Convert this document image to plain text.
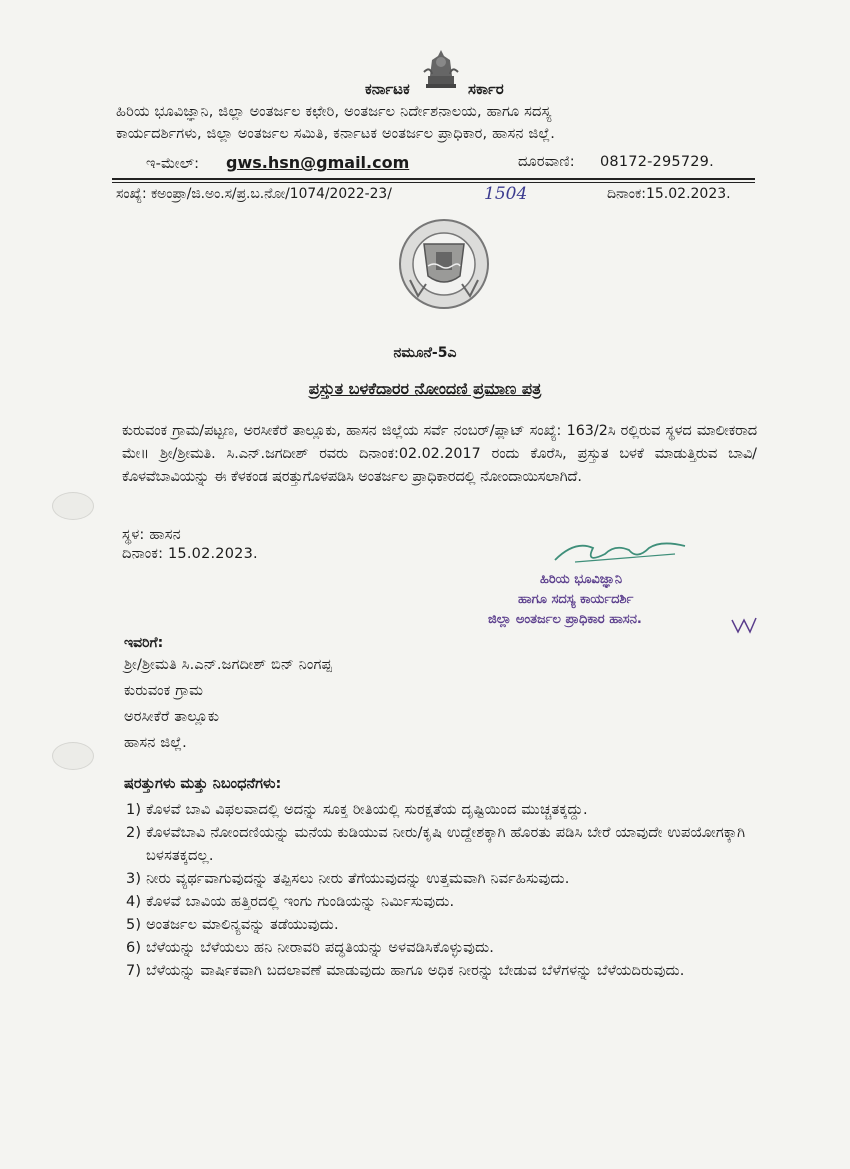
ಕರ್ನಾಟಕ	ಸರ್ಕಾರ
ಹಿರಿಯ ಭೂವಿಜ್ಞಾನಿ, ಜಿಲ್ಲಾ ಅಂತರ್ಜಲ ಕಛೇರಿ, ಅಂತರ್ಜಲ ನಿರ್ದೇಶನಾಲಯ, ಹಾಗೂ ಸದಸ್ಯ
ಕಾರ್ಯದರ್ಶಿಗಳು, ಜಿಲ್ಲಾ ಅಂತರ್ಜಲ ಸಮಿತಿ, ಕರ್ನಾಟಕ ಅಂತರ್ಜಲ ಪ್ರಾಧಿಕಾರ, ಹಾಸನ ಜಿಲ್ಲೆ.
ಇ-ಮೇಲ್: gws.hsn@gmail.com	ದೂರವಾಣಿ: 08172-295729.
ಸಂಖ್ಯೆ: ಕಅಂಪ್ರಾ/ಜಿ.ಅಂ.ಸ/ಪ್ರ.ಬ.ನೋ/1074/2022-23/	1504	ದಿನಾಂಕ:15.02.2023.
ನಮೂನೆ-5ಎ
ಪ್ರಸ್ತುತ ಬಳಕೆದಾರರ ನೋಂದಣಿ ಪ್ರಮಾಣ ಪತ್ರ
ಕುರುವಂಕ ಗ್ರಾಮ/ಪಟ್ಟಣ, ಅರಸೀಕೆರೆ ತಾಲ್ಲೂಕು, ಹಾಸನ ಜಿಲ್ಲೆಯ ಸರ್ವೆ ನಂಬರ್/ಪ್ಲಾಟ್ ಸಂಖ್ಯೆ: 163/2ಸಿ ರಲ್ಲಿರುವ ಸ್ಥಳದ ಮಾಲೀಕರಾದ ಮೇ॥ ಶ್ರೀ/ಶ್ರೀಮತಿ. ಸಿ.ಎನ್.ಜಗದೀಶ್ ರವರು ದಿನಾಂಕ:02.02.2017 ರಂದು ಕೊರೆಸಿ, ಪ್ರಸ್ತುತ ಬಳಕೆ ಮಾಡುತ್ತಿರುವ ಬಾವಿ/ಕೊಳವೆಬಾವಿಯನ್ನು ಈ ಕೆಳಕಂಡ ಷರತ್ತುಗೊಳಪಡಿಸಿ ಅಂತರ್ಜಲ ಪ್ರಾಧಿಕಾರದಲ್ಲಿ ನೋಂದಾಯಿಸಲಾಗಿದೆ.
ಸ್ಥಳ: ಹಾಸನ
ದಿನಾಂಕ: 15.02.2023.
ಹಿರಿಯ ಭೂವಿಜ್ಞಾನಿ
ಹಾಗೂ ಸದಸ್ಯ ಕಾರ್ಯದರ್ಶಿ
ಜಿಲ್ಲಾ ಅಂತರ್ಜಲ ಪ್ರಾಧಿಕಾರ ಹಾಸನ.
ಇವರಿಗೆ:
ಶ್ರೀ/ಶ್ರೀಮತಿ ಸಿ.ಎನ್.ಜಗದೀಶ್ ಬಿನ್ ನಿಂಗಪ್ಪ
ಕುರುವಂಕ ಗ್ರಾಮ
ಅರಸೀಕೆರೆ ತಾಲ್ಲೂಕು
ಹಾಸನ ಜಿಲ್ಲೆ.
ಷರತ್ತುಗಳು ಮತ್ತು ನಿಬಂಧನೆಗಳು:
1) ಕೊಳವೆ ಬಾವಿ ವಿಫಲವಾದಲ್ಲಿ ಅದನ್ನು ಸೂಕ್ತ ರೀತಿಯಲ್ಲಿ ಸುರಕ್ಷತೆಯ ದೃಷ್ಟಿಯಿಂದ ಮುಚ್ಚತಕ್ಕದ್ದು.
2) ಕೊಳವೆಬಾವಿ ನೋಂದಣಿಯನ್ನು ಮನೆಯ ಕುಡಿಯುವ ನೀರು/ಕೃಷಿ ಉದ್ದೇಶಕ್ಕಾಗಿ ಹೊರತು ಪಡಿಸಿ ಬೇರೆ ಯಾವುದೇ ಉಪಯೋಗಕ್ಕಾಗಿ ಬಳಸತಕ್ಕದಲ್ಲ.
3) ನೀರು ವ್ಯರ್ಥವಾಗುವುದನ್ನು ತಪ್ಪಿಸಲು ನೀರು ತೆಗೆಯುವುದನ್ನು ಉತ್ತಮವಾಗಿ ನಿರ್ವಹಿಸುವುದು.
4) ಕೊಳವೆ ಬಾವಿಯ ಹತ್ತಿರದಲ್ಲಿ ಇಂಗು ಗುಂಡಿಯನ್ನು ನಿರ್ಮಿಸುವುದು.
5) ಅಂತರ್ಜಲ ಮಾಲಿನ್ಯವನ್ನು ತಡೆಯುವುದು.
6) ಬೆಳೆಯನ್ನು ಬೆಳೆಯಲು ಹನಿ ನೀರಾವರಿ ಪದ್ಧತಿಯನ್ನು ಅಳವಡಿಸಿಕೊಳ್ಳುವುದು.
7) ಬೆಳೆಯನ್ನು ವಾರ್ಷಿಕವಾಗಿ ಬದಲಾವಣೆ ಮಾಡುವುದು ಹಾಗೂ ಅಧಿಕ ನೀರನ್ನು ಬೇಡುವ ಬೆಳೆಗಳನ್ನು ಬೆಳೆಯದಿರುವುದು.
